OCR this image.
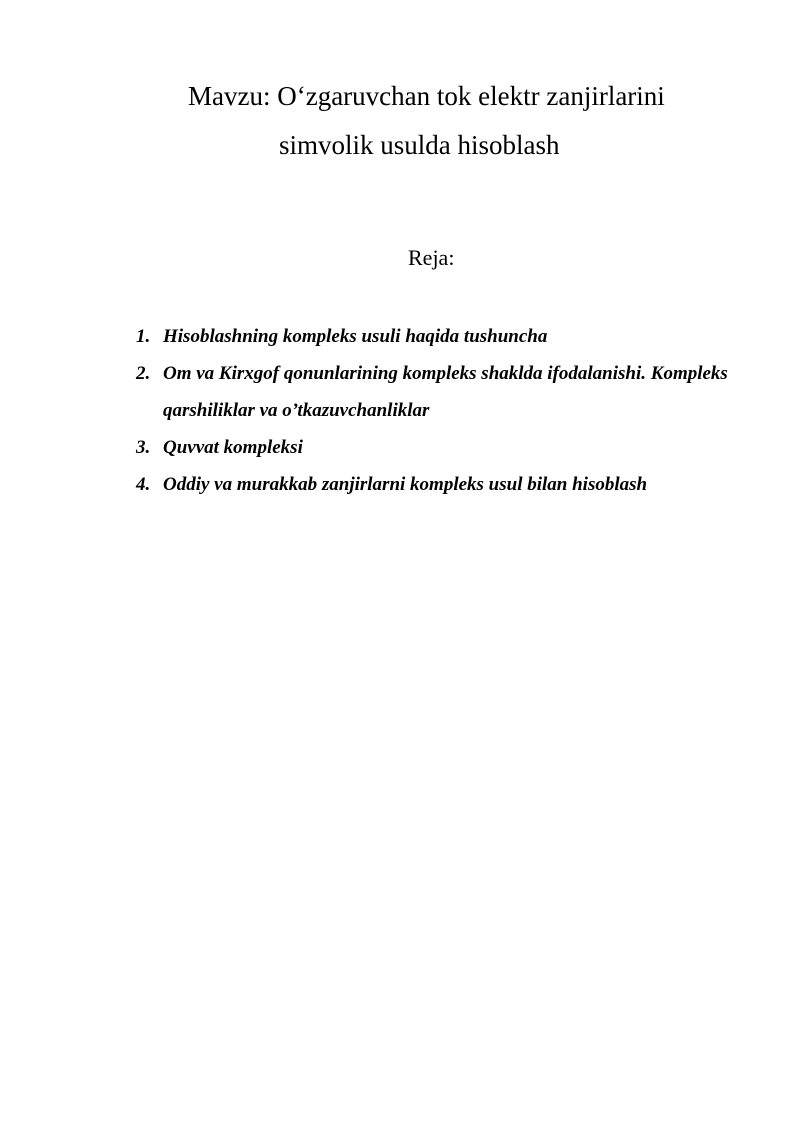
Mavzu: O‘zgaruvchan tok elektr zanjirlarini
simvolik usulda hisoblash
Reja:
1. Hisoblashning kompleks usuli haqida tushuncha
2. Om va Kirxgof qonunlarining kompleks shaklda ifodalanishi. Kompleks qarshiliklar va o’tkazuvchanliklar
3. Quvvat kompleksi
4. Oddiy va murakkab zanjirlarni kompleks usul bilan hisoblash
